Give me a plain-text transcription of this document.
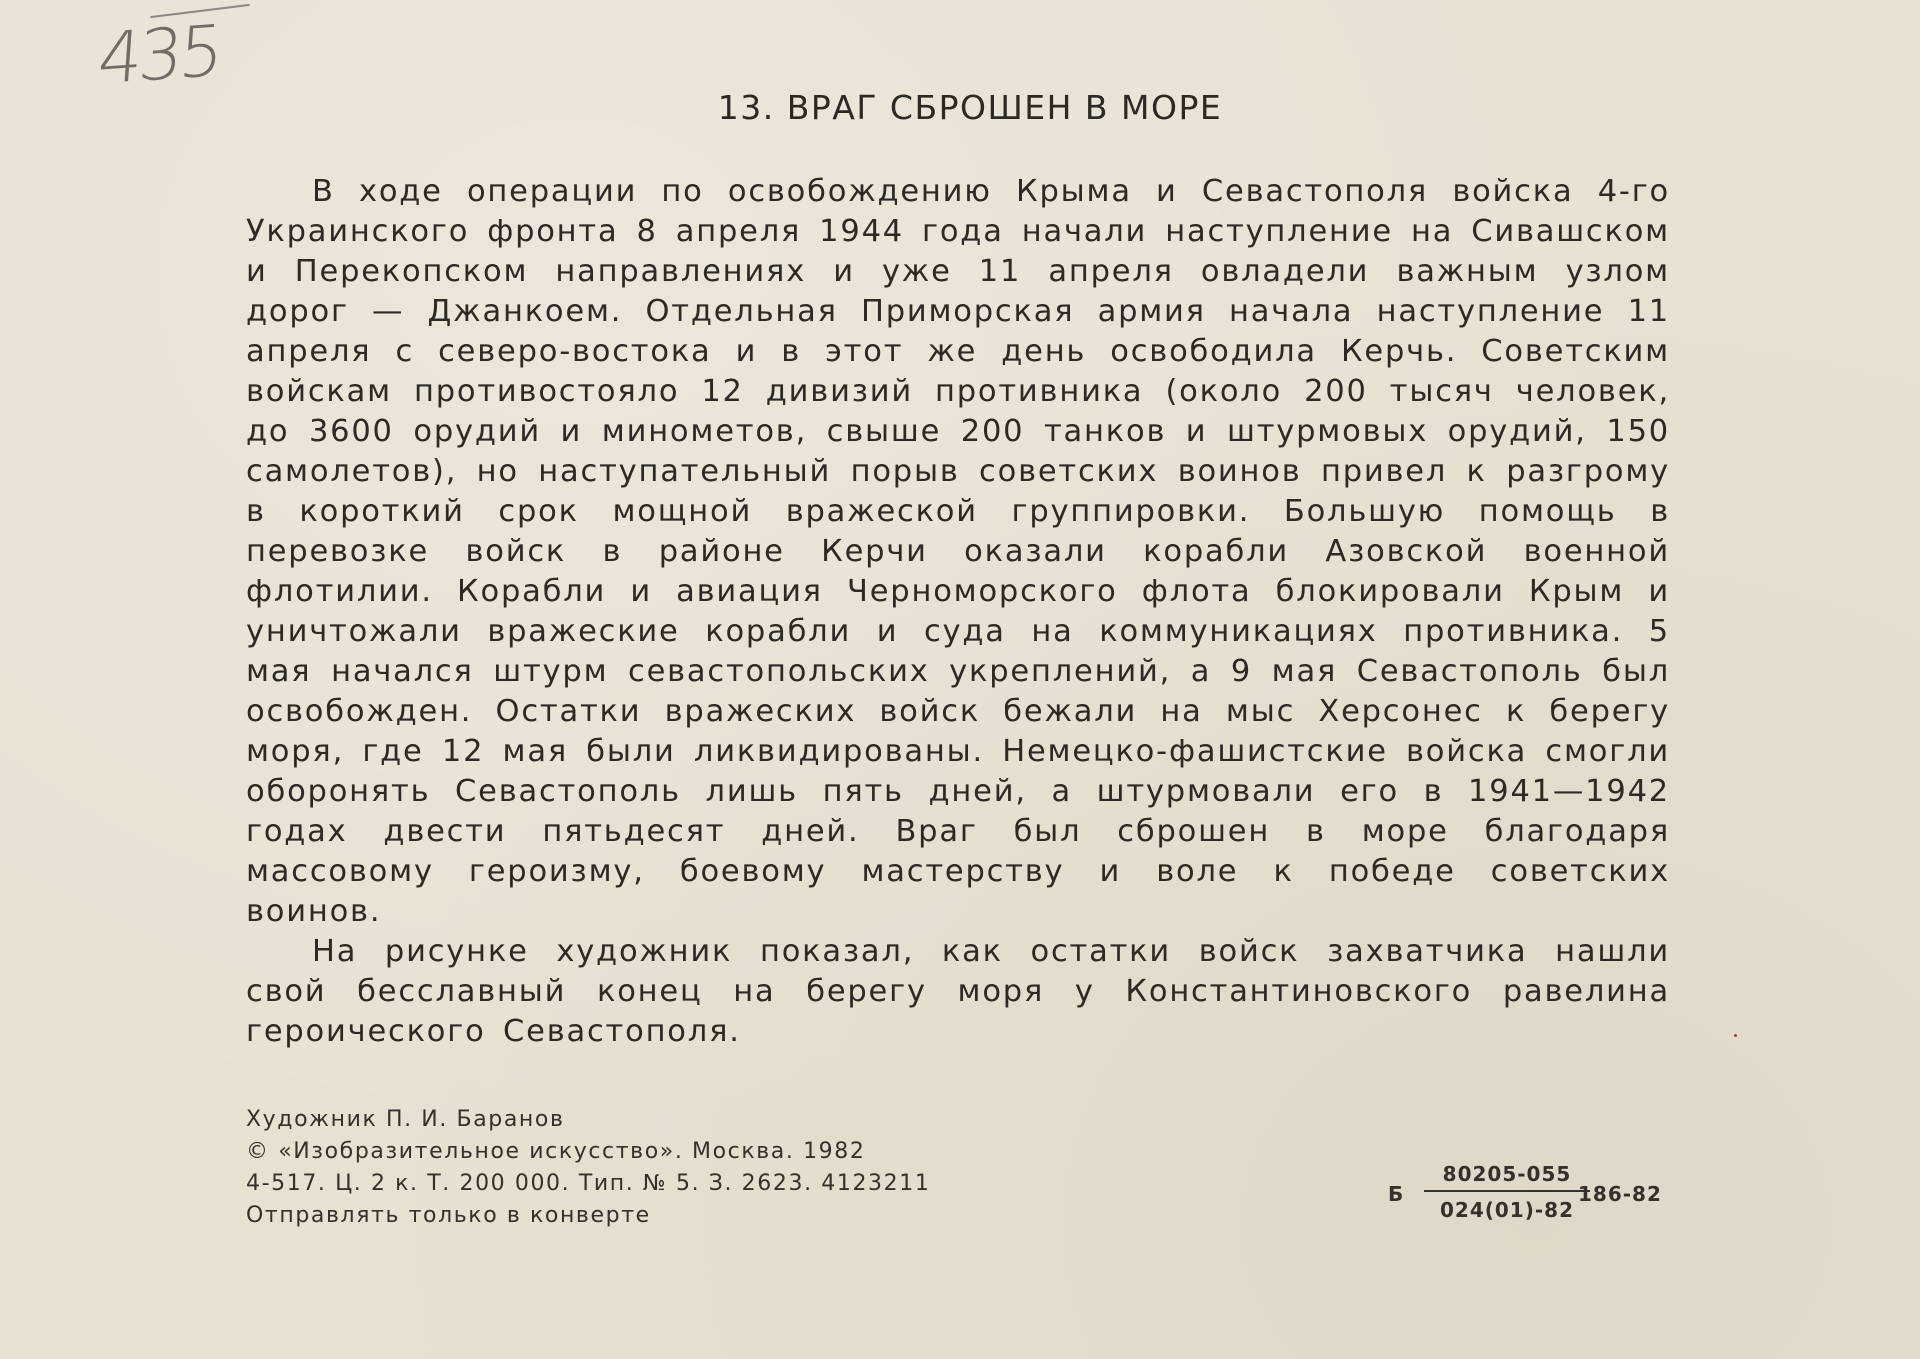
435
13. ВРАГ СБРОШЕН В МОРЕ

В ходе операции по освобождению Крыма и Севастополя войска 4-го Украинского фронта 8 апреля 1944 года начали наступление на Сивашском и Перекопском направлениях и уже 11 апреля овладели важным узлом дорог — Джанкоем. Отдельная Приморская армия начала наступление 11 апреля с северо-востока и в этот же день освободила Керчь. Советским войскам противостояло 12 дивизий противника (около 200 тысяч человек, до 3600 орудий и минометов, свыше 200 танков и штурмовых орудий, 150 самолетов), но наступательный порыв советских воинов привел к разгрому в короткий срок мощной вражеской группировки. Большую помощь в перевозке войск в районе Керчи оказали корабли Азовской военной флотилии. Корабли и авиация Черноморского флота блокировали Крым и уничтожали вражеские корабли и суда на коммуникациях противника. 5 мая начался штурм севастопольских укреплений, а 9 мая Севастополь был освобожден. Остатки вражеских войск бежали на мыс Херсонес к берегу моря, где 12 мая были ликвидированы. Немецко-фашистские войска смогли оборонять Севастополь лишь пять дней, а штурмовали его в 1941—1942 годах двести пятьдесят дней. Враг был сброшен в море благодаря массовому героизму, боевому мастерству и воле к победе советских воинов.

На рисунке художник показал, как остатки войск захватчика нашли свой бесславный конец на берегу моря у Константиновского равелина героического Севастополя.

Художник П. И. Баранов
© «Изобразительное искусство». Москва. 1982
4-517. Ц. 2 к. Т. 200 000. Тип. № 5. З. 2623. 4123211
Отправлять только в конверте
Б
80205-055
024(01)-82
186-82
